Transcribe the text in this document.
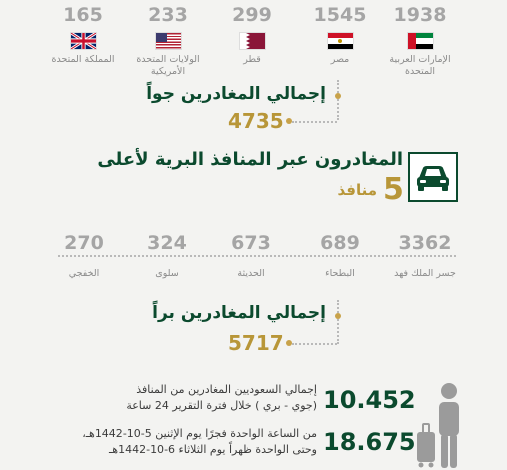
1938
الإمارات العربية
المتحدة
1545
مصر
299
قطر
233
الولايات المتحدة
الأمريكية
165
المملكة المتحدة
إجمالي المغادرين جواً
4735
المغادرون عبر المنافذ البرية لأعلى
5
منافذ
3362
جسر الملك فهد
689
البطحاء
673
الحديثة
324
سلوى
270
الخفجي
إجمالي المغادرين براً
5717
10.452
إجمالي السعوديين المغادرين من المنافذ
(جوي - بري ) خلال فترة التقرير 24 ساعة
18.675
من الساعة الواحدة فجرًا يوم الإثنين 5-10-1442هـ،
وحتى الواحدة ظهراً يوم الثلاثاء 6-10-1442هـ
